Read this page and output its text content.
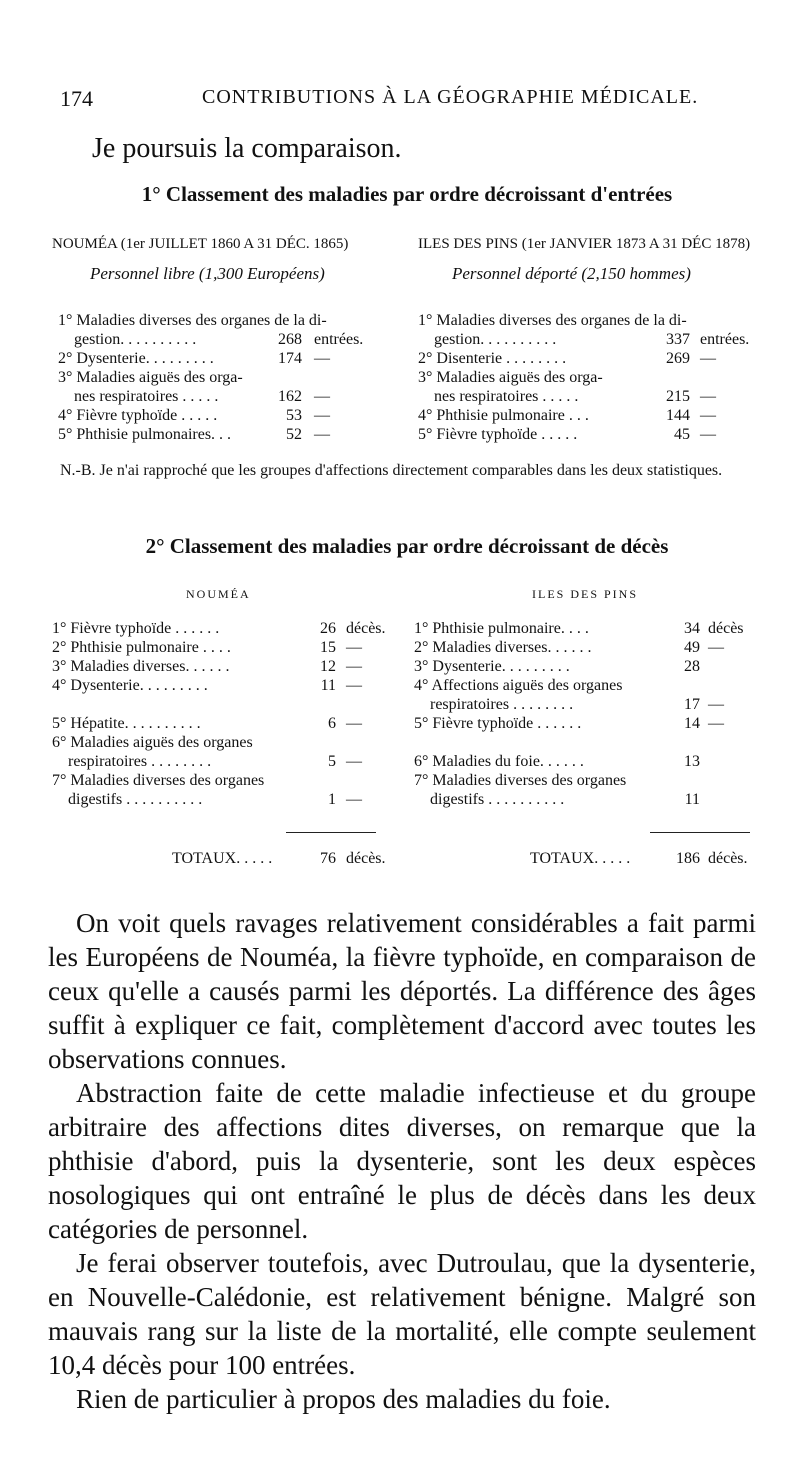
174	CONTRIBUTIONS À LA GÉOGRAPHIE MÉDICALE.
Je poursuis la comparaison.
1° Classement des maladies par ordre décroissant d'entrées
NOUMÉA (1er JUILLET 1860 A 31 DÉC. 1865)	ILES DES PINS (1er JANVIER 1873 A 31 DÉC 1878)
Personnel libre (1,300 Européens)	Personnel déporté (2,150 hommes)
1° Maladies diverses des organes de la di-
gestion. . . . . . . . . .	268 entrées.
2° Dysenterie. . . . . . . . .	174 —
3° Maladies aiguës des orga-
nes respiratoires . . . . .	162 —
4° Fièvre typhoïde . . . . .	53 —
5° Phthisie pulmonaires. . .	52 —
1° Maladies diverses des organes de la di-
gestion. . . . . . . . . .	337 entrées.
2° Disenterie . . . . . . . .	269 —
3° Maladies aiguës des orga-
nes respiratoires . . . . .	215 —
4° Phthisie pulmonaire . . .	144 —
5° Fièvre typhoïde . . . . .	45 —
N.-B. Je n'ai rapproché que les groupes d'affections directement comparables dans les deux statistiques.
2° Classement des maladies par ordre décroissant de décès
NOUMÉA	ILES DES PINS
1° Fièvre typhoïde . . . . . .	26 décès.
2° Phthisie pulmonaire . . . .	15 —
3° Maladies diverses. . . . . .	12 —
4° Dysenterie. . . . . . . . .	11 —
5° Hépatite. . . . . . . . . .	6 —
6° Maladies aiguës des organes
respiratoires . . . . . . . .	5 —
7° Maladies diverses des organes
digestifs . . . . . . . . . .	1 —
1° Phthisie pulmonaire. . . .	34 décès
2° Maladies diverses. . . . . .	49 —
3° Dysenterie. . . . . . . . .	28
4° Affections aiguës des organes
respiratoires . . . . . . . .	17 —
5° Fièvre typhoïde . . . . . .	14 —
6° Maladies du foie. . . . . .	13
7° Maladies diverses des organes
digestifs . . . . . . . . . .	11
TOTAUX. . . . .	76 décès.	TOTAUX. . . . .	186 décès.

On voit quels ravages relativement considérables a fait parmi les Européens de Nouméa, la fièvre typhoïde, en comparaison de ceux qu'elle a causés parmi les déportés. La différence des âges suffit à expliquer ce fait, complètement d'accord avec toutes les observations connues.

Abstraction faite de cette maladie infectieuse et du groupe arbitraire des affections dites diverses, on remarque que la phthisie d'abord, puis la dysenterie, sont les deux espèces nosologiques qui ont entraîné le plus de décès dans les deux catégories de personnel.

Je ferai observer toutefois, avec Dutroulau, que la dysenterie, en Nouvelle-Calédonie, est relativement bénigne. Malgré son mauvais rang sur la liste de la mortalité, elle compte seulement 10,4 décès pour 100 entrées.

Rien de particulier à propos des maladies du foie.
